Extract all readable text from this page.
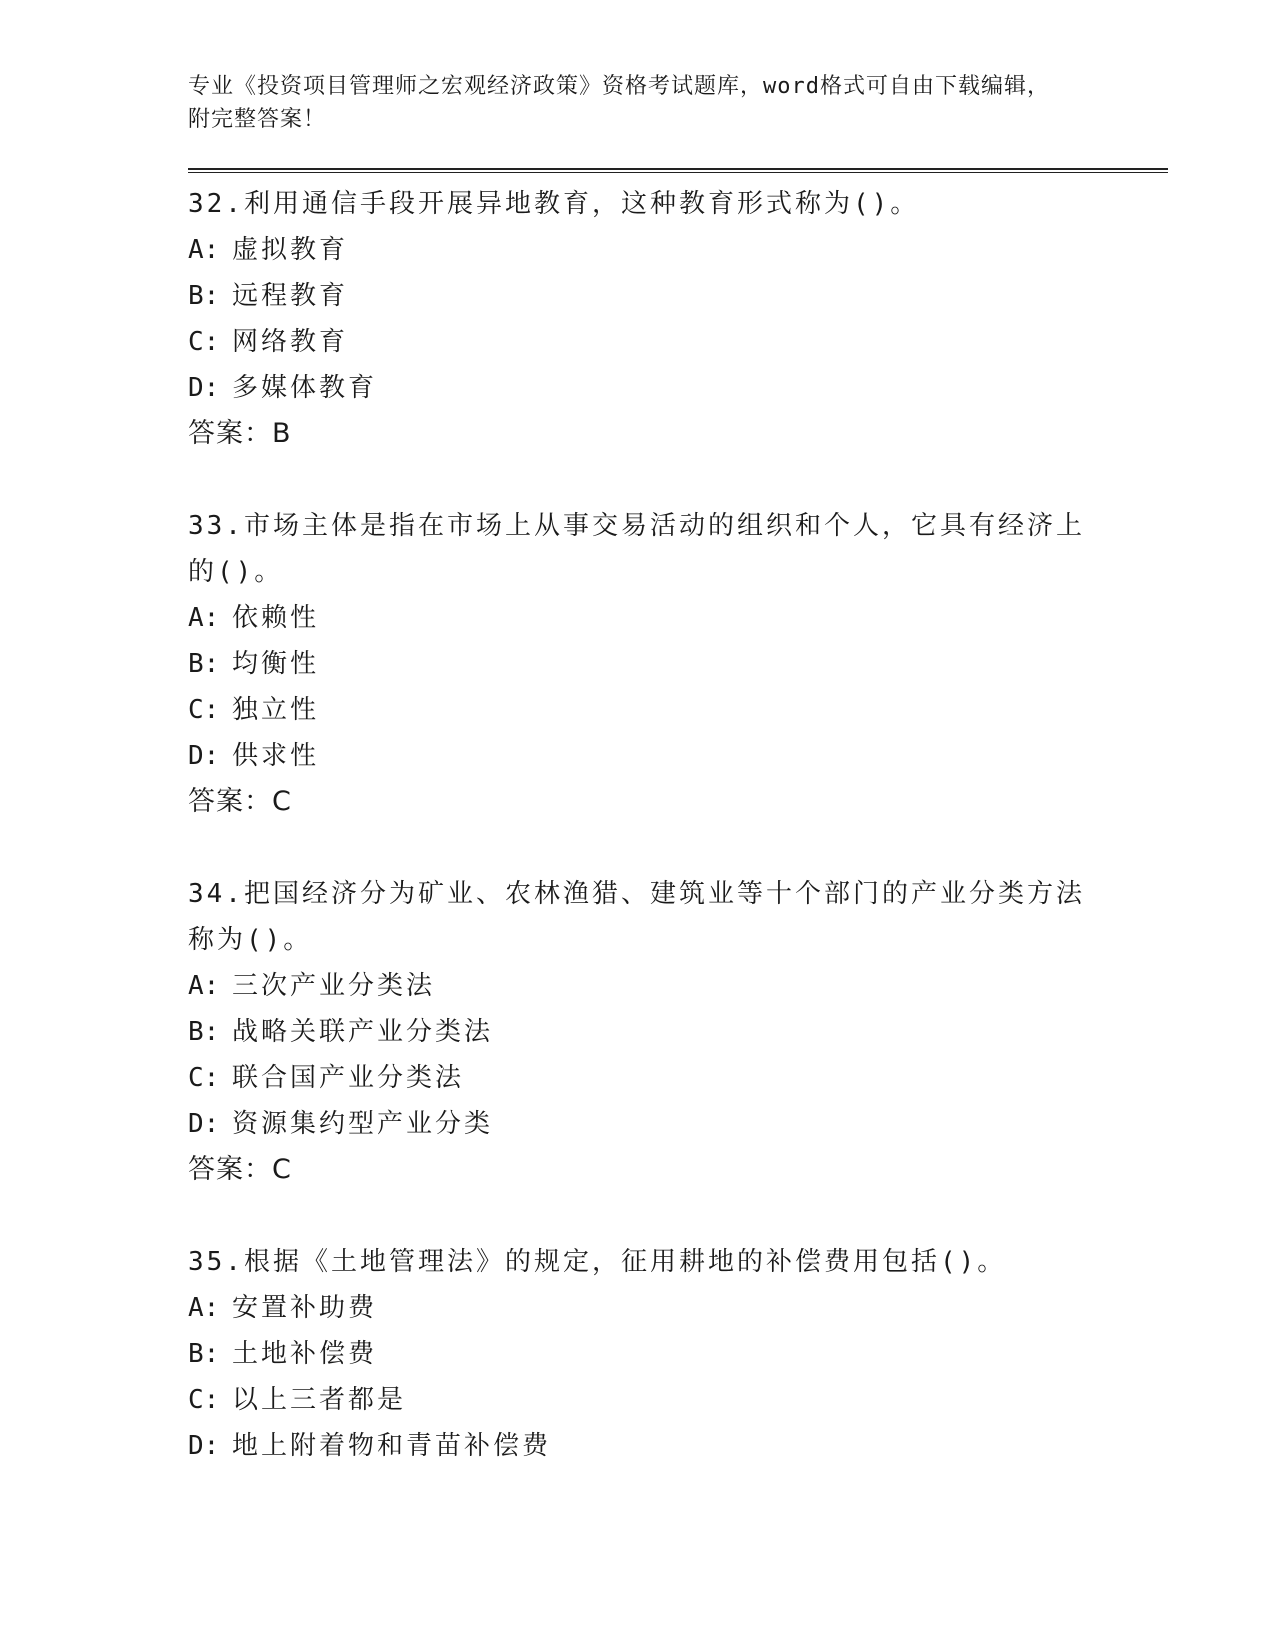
专业《投资项目管理师之宏观经济政策》资格考试题库，word格式可自由下载编辑，附完整答案！

32.利用通信手段开展异地教育，这种教育形式称为()。

A: 虚拟教育

B: 远程教育

C: 网络教育

D: 多媒体教育

答案：B

33.市场主体是指在市场上从事交易活动的组织和个人，它具有经济上的()。

A: 依赖性

B: 均衡性

C: 独立性

D: 供求性

答案：C

34.把国经济分为矿业、农林渔猎、建筑业等十个部门的产业分类方法称为()。

A: 三次产业分类法

B: 战略关联产业分类法

C: 联合国产业分类法

D: 资源集约型产业分类

答案：C

35.根据《土地管理法》的规定，征用耕地的补偿费用包括()。

A: 安置补助费

B: 土地补偿费

C: 以上三者都是

D: 地上附着物和青苗补偿费
